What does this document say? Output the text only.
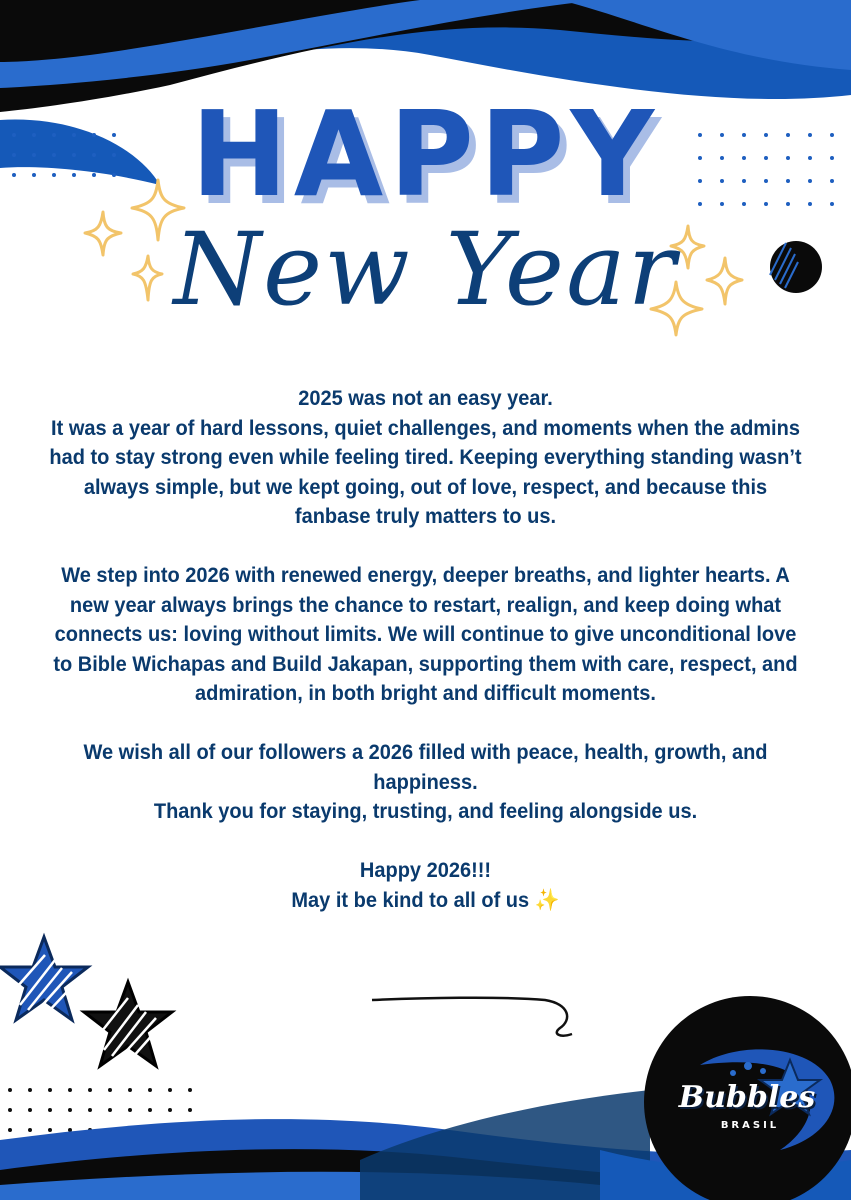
HAPPY
New Year

2025 was not an easy year.

It was a year of hard lessons, quiet challenges, and moments when the admins had to stay strong even while feeling tired. Keeping everything standing wasn’t always simple, but we kept going, out of love, respect, and because this fanbase truly matters to us.

We step into 2026 with renewed energy, deeper breaths, and lighter hearts. A new year always brings the chance to restart, realign, and keep doing what connects us: loving without limits. We will continue to give unconditional love to Bible Wichapas and Build Jakapan, supporting them with care, respect, and admiration, in both bright and difficult moments.

We wish all of our followers a 2026 filled with peace, health, growth, and happiness.

Thank you for staying, trusting, and feeling alongside us.

Happy 2026!!!

May it be kind to all of us ✨

Bubbles
BRASIL
